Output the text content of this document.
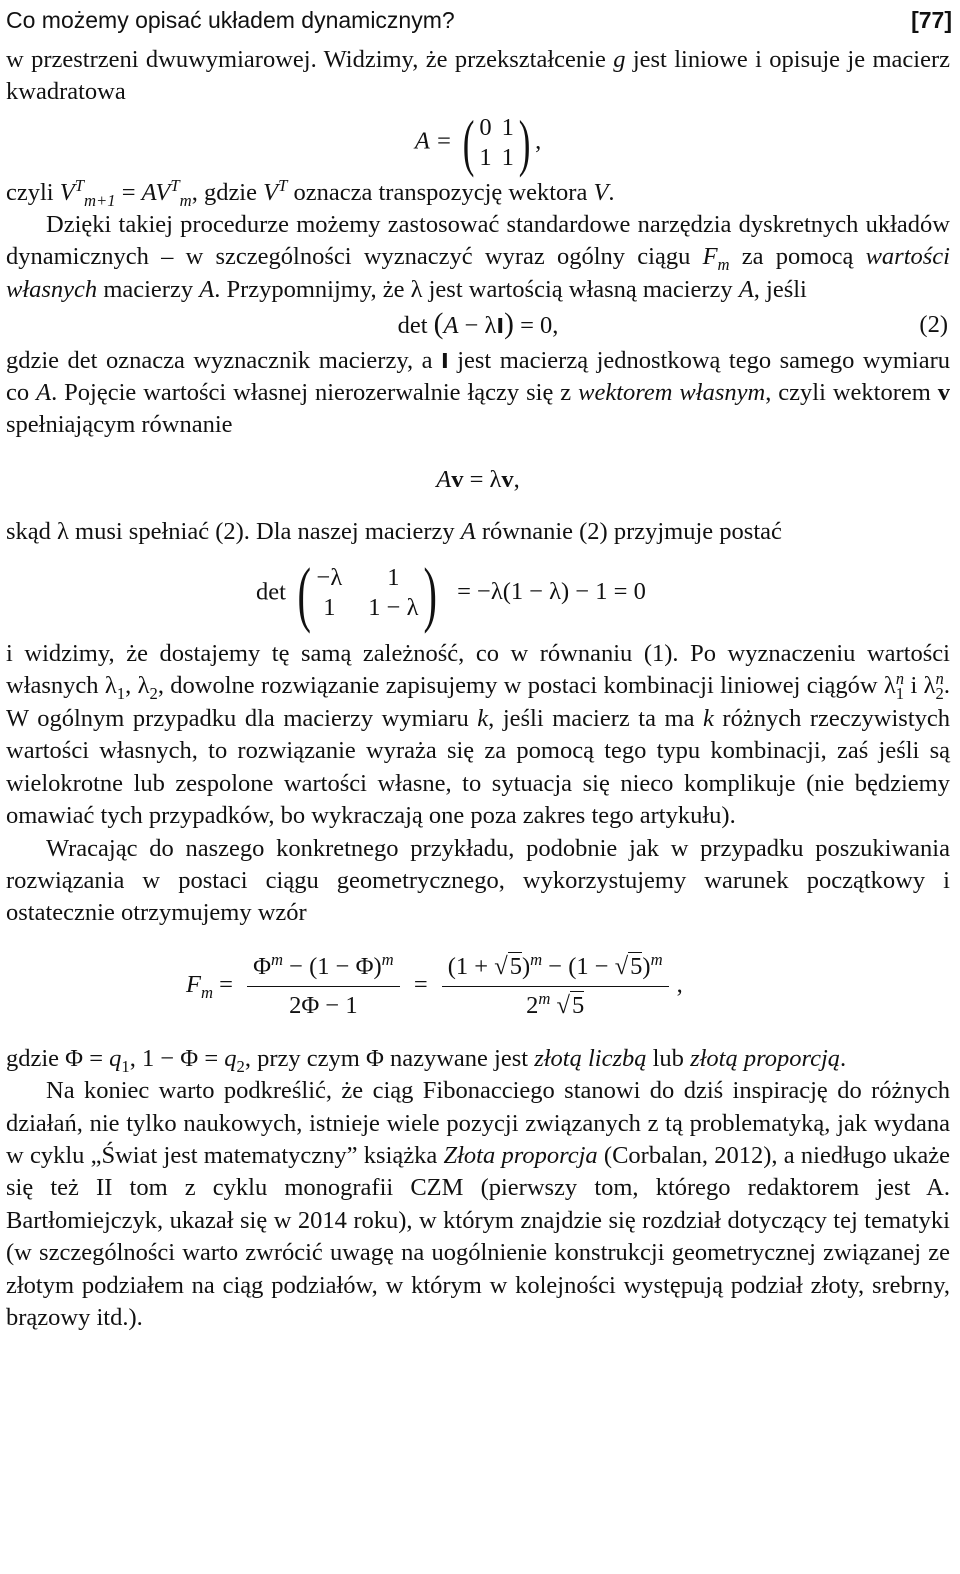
Co możemy opisać układem dynamicznym?	[77]

w przestrzeni dwuwymiarowej. Widzimy, że przekształcenie g jest liniowe i opisuje je macierz kwadratowa

A = ( 0 1
1 1 ) ,

czyli $V^T_{m+1} = AV^T_m$, gdzie $V^T$ oznacza transpozycję wektora V.

Dzięki takiej procedurze możemy zastosować standardowe narzędzia dyskretnych układów dynamicznych – w szczególności wyznaczyć wyraz ogólny ciągu $F_m$ za pomocą wartości własnych macierzy A. Przypomnijmy, że λ jest wartością własną macierzy A, jeśli

det (A − λI) = 0,	(2)

gdzie det oznacza wyznacznik macierzy, a I jest macierzą jednostkową tego samego wymiaru co A. Pojęcie wartości własnej nierozerwalnie łączy się z wektorem własnym, czyli wektorem v spełniającym równanie

Av = λv,

skąd λ musi spełniać (2). Dla naszej macierzy A równanie (2) przyjmuje postać

det ( −λ	1
1 1 − λ ) = −λ(1 − λ) − 1 = 0

i widzimy, że dostajemy tę samą zależność, co w równaniu (1). Po wyznaczeniu wartości własnych $\lambda_1$, $\lambda_2$, dowolne rozwiązanie zapisujemy w postaci kombinacji liniowej ciągów $\lambda^n_1$ i $\lambda^n_2$. W ogólnym przypadku dla macierzy wymiaru k, jeśli macierz ta ma k różnych rzeczywistych wartości własnych, to rozwiązanie wyraża się za pomocą tego typu kombinacji, zaś jeśli są wielokrotne lub zespolone wartości własne, to sytuacja się nieco komplikuje (nie będziemy omawiać tych przypadków, bo wykraczają one poza zakres tego artykułu).

Wracając do naszego konkretnego przykładu, podobnie jak w przypadku poszukiwania rozwiązania w postaci ciągu geometrycznego, wykorzystujemy warunek początkowy i ostatecznie otrzymujemy wzór

$F_m = \frac{\Phi^m - (1 - \Phi)^m}{2\Phi - 1} = \frac{(1 + √5)^m - (1 - √5)^m}{2^m √5}$ ,

gdzie $\Phi = q_1$, $1 - \Phi = q_2$, przy czym Φ nazywane jest złotą liczbą lub złotą proporcją.

Na koniec warto podkreślić, że ciąg Fibonacciego stanowi do dziś inspirację do różnych działań, nie tylko naukowych, istnieje wiele pozycji związanych z tą problematyką, jak wydana w cyklu „Świat jest matematyczny” książka Złota proporcja (Corbalan, 2012), a niedługo ukaże się też II tom z cyklu monografii CZM (pierwszy tom, którego redaktorem jest A. Bartłomiejczyk, ukazał się w 2014 roku), w którym znajdzie się rozdział dotyczący tej tematyki (w szczególności warto zwrócić uwagę na uogólnienie konstrukcji geometrycznej związanej ze złotym podziałem na ciąg podziałów, w którym w kolejności występują podział złoty, srebrny, brązowy itd.).
